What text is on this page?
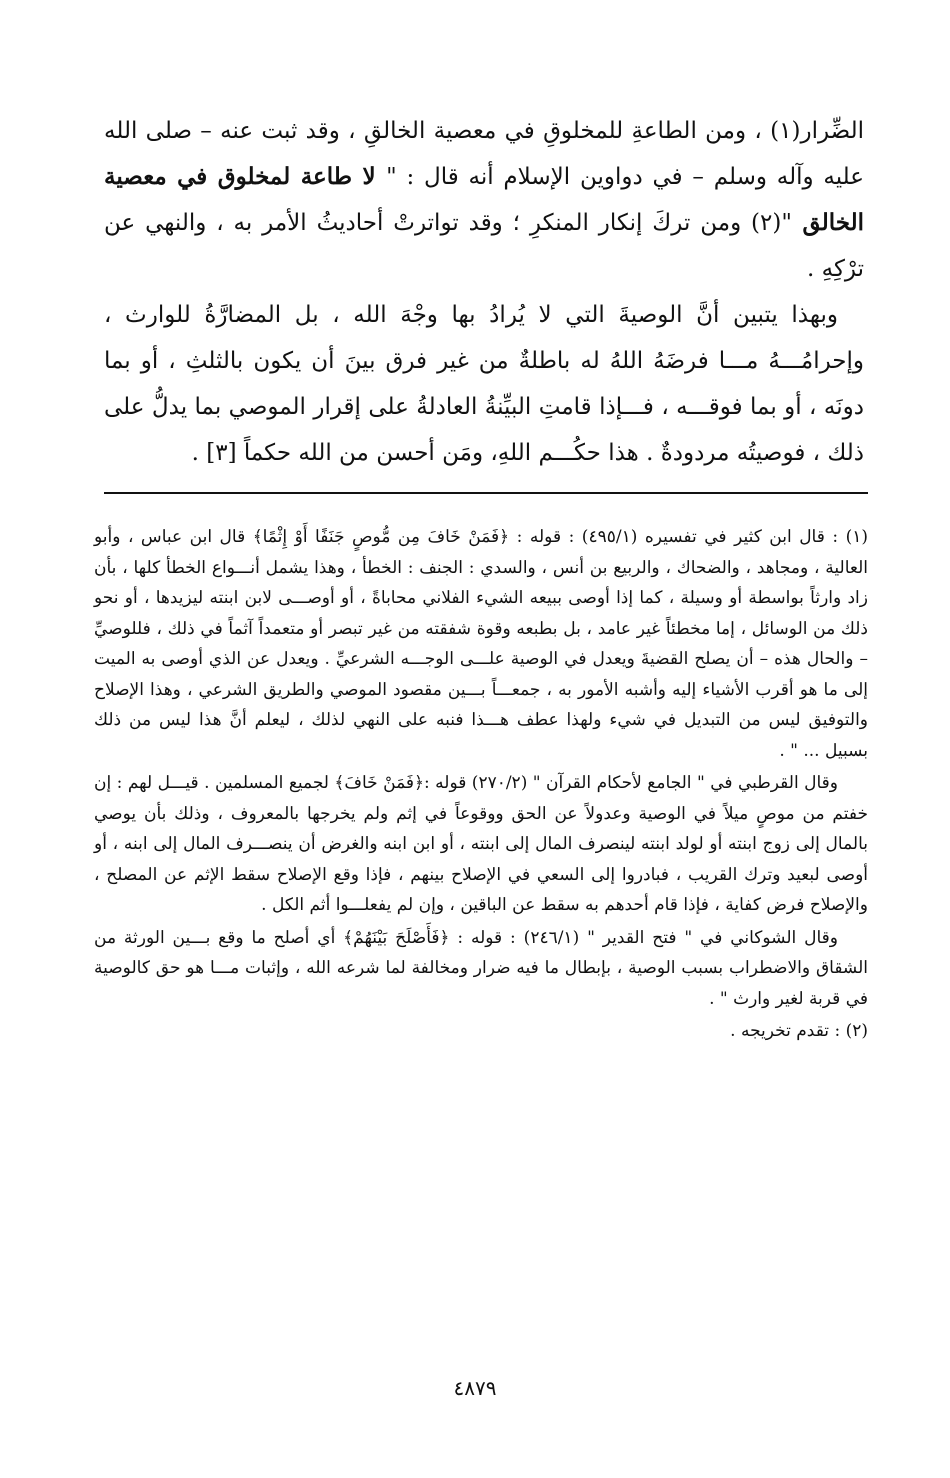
الضِّرار(١) ، ومن الطاعةِ للمخلوقِ في معصية الخالقِ ، وقد ثبت عنه – صلى الله عليه وآله وسلم – في دواوين الإسلام أنه قال : " لا طاعة لمخلوق في معصية الخالق "(٢) ومن تركَ إنكار المنكرِ ؛ وقد تواترتْ أحاديثُ الأمر به ، والنهي عن ترْكِهِ .

وبهذا يتبين أنَّ الوصيةَ التي لا يُرادُ بها وجْهَ الله ، بل المضارَّةُ للوارث ، وإحرامُـــهُ مـــا فرضَهُ اللهُ له باطلةٌ من غير فرق بينَ أن يكون بالثلثِ ، أو بما دونَه ، أو بما فوقـــه ، فـــإذا قامتِ البيِّنةُ العادلةُ على إقرار الموصي بما يدلُّ على ذلك ، فوصيتُه مردودةٌ . هذا حكُـــم اللهِ، ومَن أحسن من الله حكماً [٣] .

(١) : قال ابن كثير في تفسيره (٤٩٥/١) : قوله : ﴿فَمَنْ خَافَ مِن مُّوصٍ جَنَفًا أَوْ إِثْمًا﴾ قال ابن عباس ، وأبو العالية ، ومجاهد ، والضحاك ، والربيع بن أنس ، والسدي : الجنف : الخطأ ، وهذا يشمل أنـــواع الخطأ كلها ، بأن زاد وارثاً بواسطة أو وسيلة ، كما إذا أوصى ببيعه الشيء الفلاني محاباةً ، أو أوصـــى لابن ابنته ليزيدها ، أو نحو ذلك من الوسائل ، إما مخطئاً غير عامد ، بل بطبعه وقوة شفقته من غير تبصر أو متعمداً آثماً في ذلك ، فللوصيِّ – والحال هذه – أن يصلح القضيةَ ويعدل في الوصية علـــى الوجـــه الشرعيِّ . ويعدل عن الذي أوصى به الميت إلى ما هو أقرب الأشياء إليه وأشبه الأمور به ، جمعـــاً بـــين مقصود الموصي والطريق الشرعي ، وهذا الإصلاح والتوفيق ليس من التبديل في شيء ولهذا عطف هـــذا فنبه على النهي لذلك ، ليعلم أنَّ هذا ليس من ذلك بسبيل ... " .

وقال القرطبي في " الجامع لأحكام القرآن " (٢٧٠/٢) قوله :﴿فَمَنْ خَافَ﴾ لجميع المسلمين . قيـــل لهم : إن خفتم من موصٍ ميلاً في الوصية وعدولاً عن الحق ووقوعاً في إثم ولم يخرجها بالمعروف ، وذلك بأن يوصي بالمال إلى زوج ابنته أو لولد ابنته لينصرف المال إلى ابنته ، أو ابن ابنه والغرض أن ينصـــرف المال إلى ابنه ، أو أوصى لبعيد وترك القريب ، فبادروا إلى السعي في الإصلاح بينهم ، فإذا وقع الإصلاح سقط الإثم عن المصلح ، والإصلاح فرض كفاية ، فإذا قام أحدهم به سقط عن الباقين ، وإن لم يفعلـــوا أثم الكل .

وقال الشوكاني في " فتح القدير " (٢٤٦/١) : قوله : ﴿فَأَصْلَحَ بَيْنَهُمْ﴾ أي أصلح ما وقع بـــين الورثة من الشقاق والاضطراب بسبب الوصية ، بإبطال ما فيه ضرار ومخالفة لما شرعه الله ، وإثبات مـــا هو حق كالوصية في قربة لغير وارث " .

(٢) : تقدم تخريجه .

٤٨٧٩
